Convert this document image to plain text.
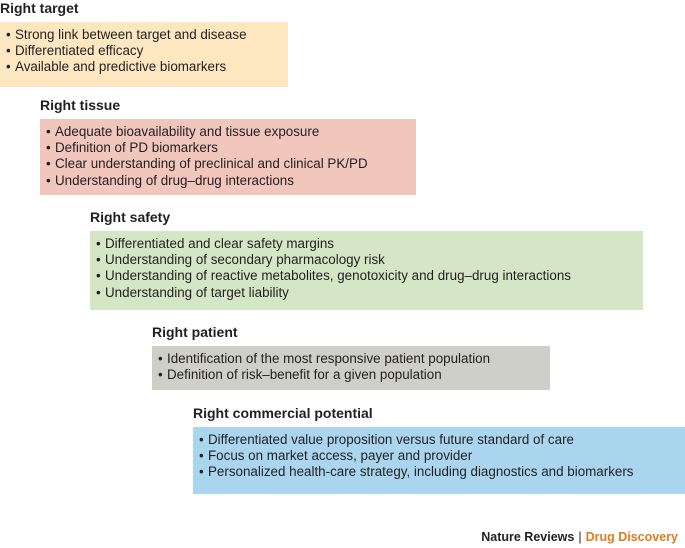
Right target
• Strong link between target and disease
• Differentiated efficacy
• Available and predictive biomarkers
Right tissue
• Adequate bioavailability and tissue exposure
• Definition of PD biomarkers
• Clear understanding of preclinical and clinical PK/PD
• Understanding of drug–drug interactions
Right safety
• Differentiated and clear safety margins
• Understanding of secondary pharmacology risk
• Understanding of reactive metabolites, genotoxicity and drug–drug interactions
• Understanding of target liability
Right patient
• Identification of the most responsive patient population
• Definition of risk–benefit for a given population
Right commercial potential
• Differentiated value proposition versus future standard of care
• Focus on market access, payer and provider
• Personalized health-care strategy, including diagnostics and biomarkers
Nature Reviews | Drug Discovery
